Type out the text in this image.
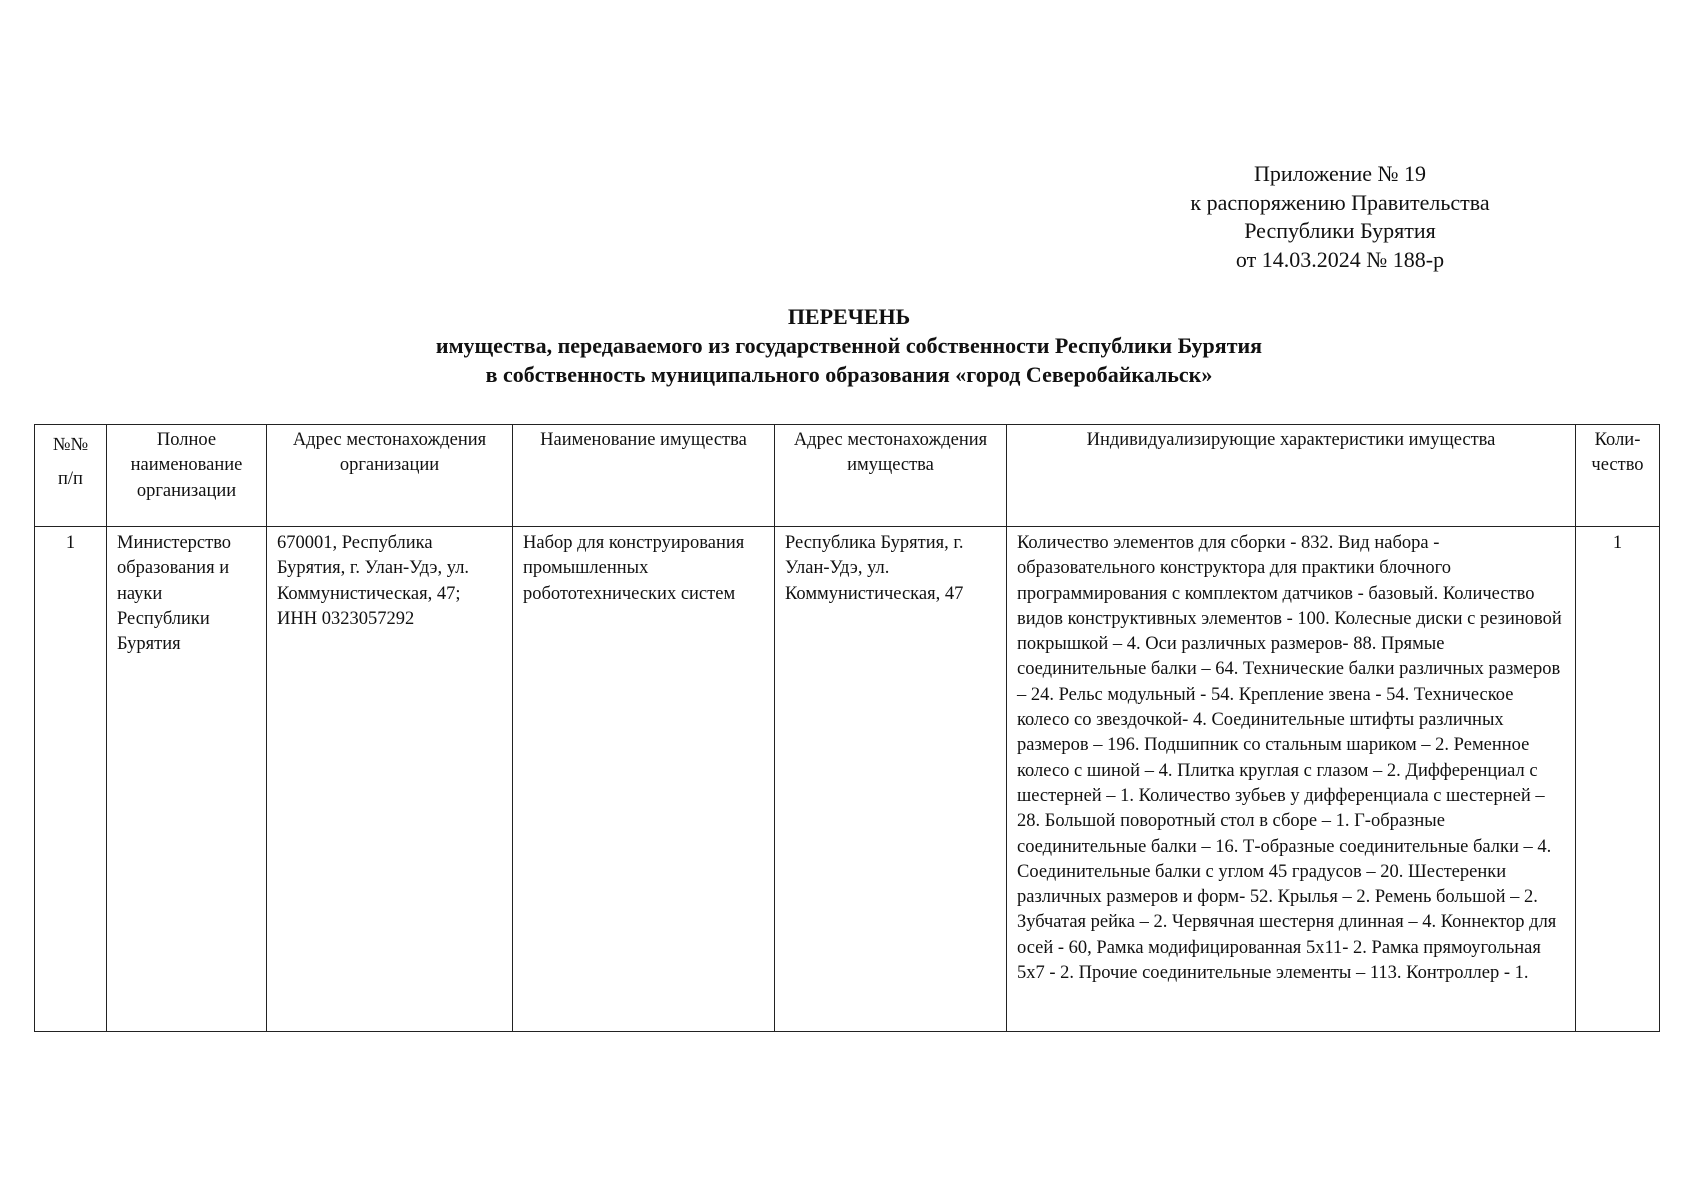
Приложение № 19
к распоряжению Правительства
Республики Бурятия
от 14.03.2024 № 188-р
ПЕРЕЧЕНЬ
имущества, передаваемого из государственной собственности Республики Бурятия
в собственность муниципального образования «город Северобайкальск»
№№ п/п	Полное наименование организации	Адрес местонахождения организации	Наименование имущества	Адрес местонахождения имущества	Индивидуализирующие характеристики имущества	Коли-чество
1	Министерство образования и науки Республики Бурятия	670001, Республика Бурятия, г. Улан-Удэ, ул. Коммунистическая, 47; ИНН 0323057292	Набор для конструирования промышленных робототехнических систем	Республика Бурятия, г. Улан-Удэ, ул. Коммунистическая, 47	Количество элементов для сборки - 832. Вид набора - образовательного конструктора для практики блочного программирования с комплектом датчиков - базовый. Количество видов конструктивных элементов - 100. Колесные диски с резиновой покрышкой – 4. Оси различных размеров- 88. Прямые соединительные балки – 64. Технические балки различных размеров – 24. Рельс модульный - 54. Крепление звена - 54. Техническое колесо со звездочкой- 4. Соединительные штифты различных размеров – 196. Подшипник со стальным шариком – 2. Ременное колесо с шиной – 4. Плитка круглая с глазом – 2. Дифференциал с шестерней – 1. Количество зубьев у дифференциала с шестерней – 28. Большой поворотный стол в сборе – 1. Г-образные соединительные балки – 16. Т-образные соединительные балки – 4. Соединительные балки с углом 45 градусов – 20. Шестеренки различных размеров и форм- 52. Крылья – 2. Ремень большой – 2. Зубчатая рейка – 2. Червячная шестерня длинная – 4. Коннектор для осей - 60, Рамка модифицированная 5x11- 2. Рамка прямоугольная 5x7 - 2. Прочие соединительные элементы – 113. Контроллер - 1.	1
